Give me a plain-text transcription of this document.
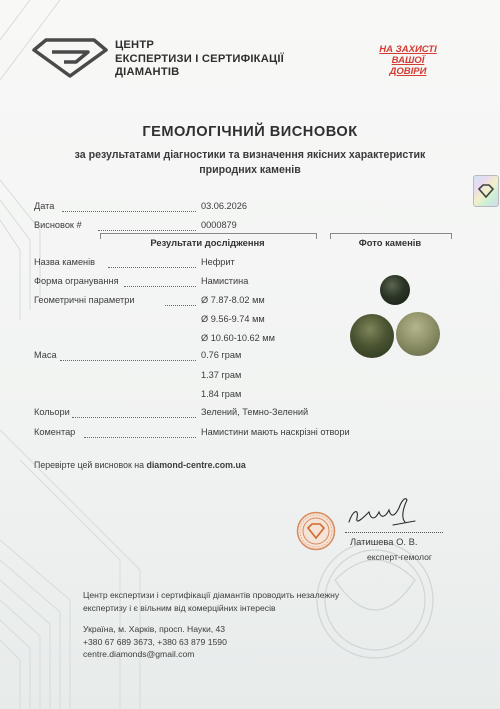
ЦЕНТР
ЕКСПЕРТИЗИ І СЕРТИФІКАЦІЇ
ДІАМАНТІВ
НА ЗАХИСТІ
ВАШОЇ
ДОВІРИ
ГЕМОЛОГІЧНИЙ ВИСНОВОК
за результатами діагностики та визначення якісних характеристик
природних каменів
Дата	03.06.2026
Висновок #	0000879
Результати дослідження	Фото каменів
Назва каменів	Нефрит
Форма огранування	Намистина
Геометричні параметри	Ø 7.87-8.02 мм
Ø 9.56-9.74 мм
Ø 10.60-10.62 мм
Маса	0.76 грам
1.37 грам
1.84 грам
Кольори	Зелений, Темно-Зелений
Коментар	Намистини мають наскрізні отвори
Перевірте цей висновок на diamond-centre.com.ua
Латишева О. В.
експерт-гемолог
Центр експертизи і сертифікації діамантів проводить незалежну
експертизу і є вільним від комерційних інтересів
Україна, м. Харків, просп. Науки, 43
+380 67 689 3673, +380 63 879 1590
centre.diamonds@gmail.com
